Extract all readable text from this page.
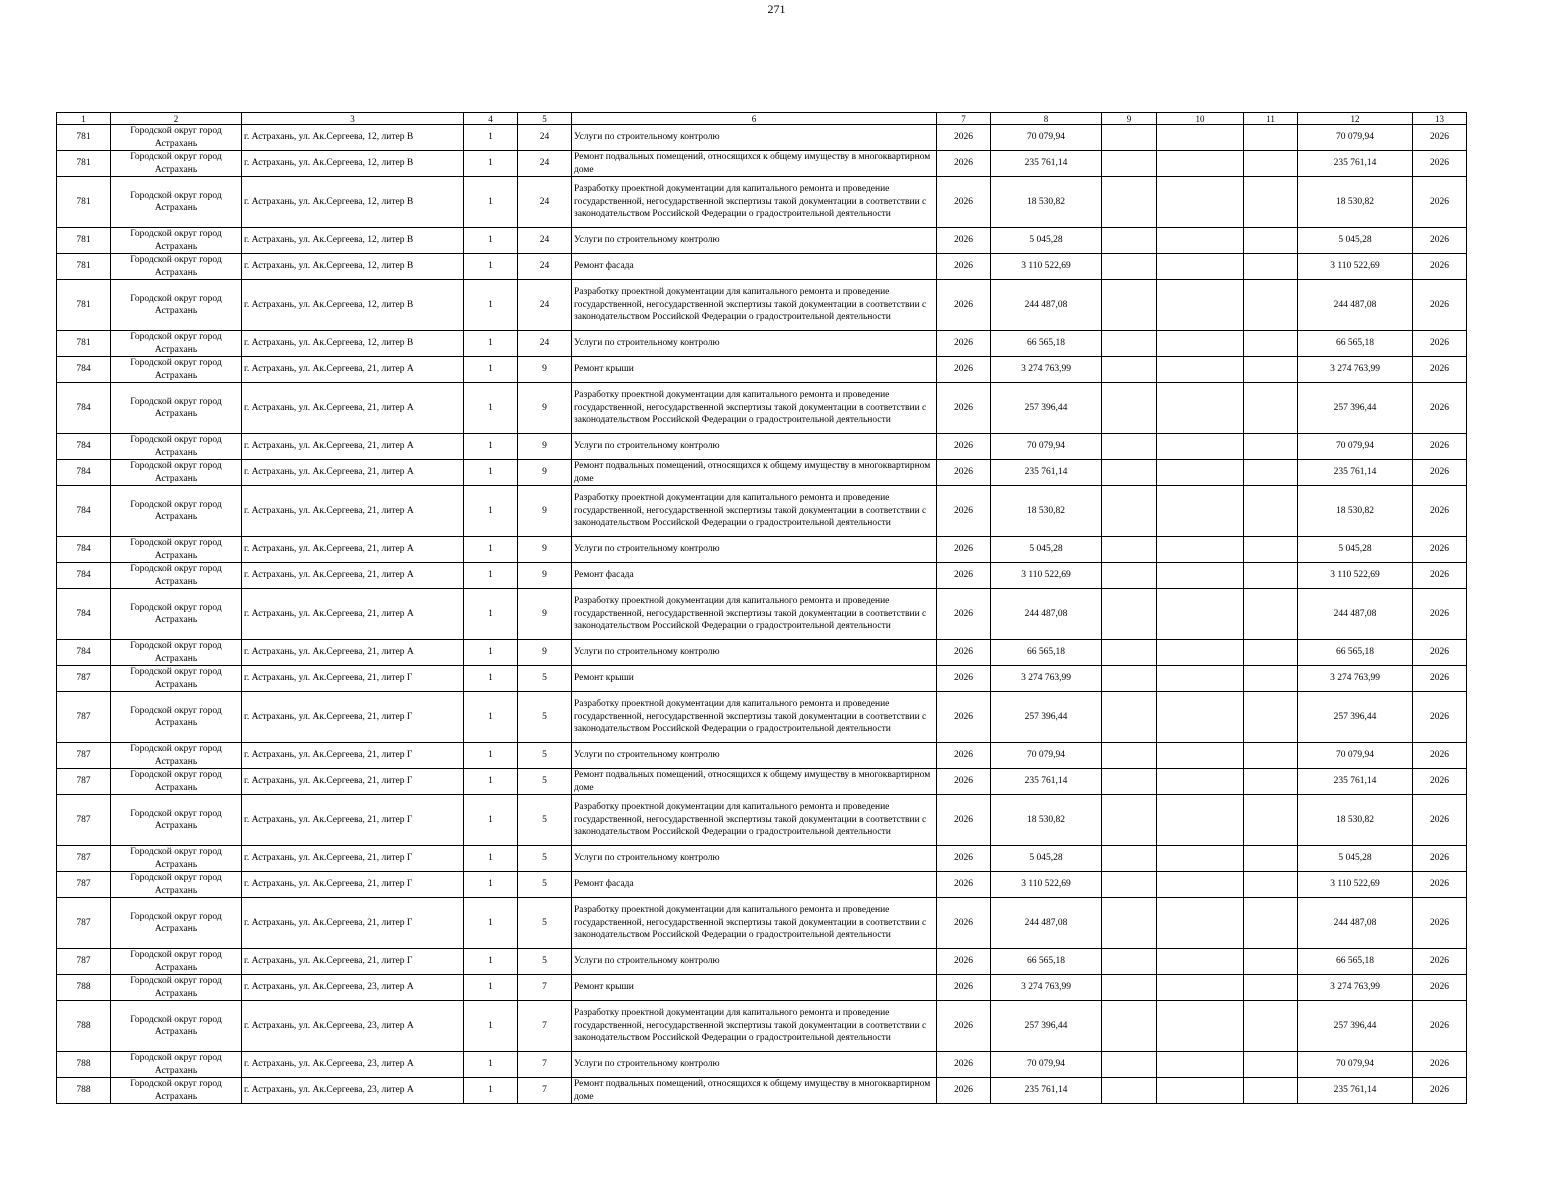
271
1	2	3	4	5	6	7	8	9	10	11	12	13
781	Городской округ город Астрахань	г. Астрахань, ул. Ак.Сергеева, 12, литер В	1	24	Услуги по строительному контролю	2026	70 079,94				70 079,94	2026
781	Городской округ город Астрахань	г. Астрахань, ул. Ак.Сергеева, 12, литер В	1	24	Ремонт подвальных помещений, относящихся к общему имуществу в многоквартирном доме	2026	235 761,14				235 761,14	2026
781	Городской округ город Астрахань	г. Астрахань, ул. Ак.Сергеева, 12, литер В	1	24	Разработку проектной документации для капитального ремонта и проведение государственной, негосударственной экспертизы такой документации в соответствии с законодательством Российской Федерации о градостроительной деятельности	2026	18 530,82				18 530,82	2026
781	Городской округ город Астрахань	г. Астрахань, ул. Ак.Сергеева, 12, литер В	1	24	Услуги по строительному контролю	2026	5 045,28				5 045,28	2026
781	Городской округ город Астрахань	г. Астрахань, ул. Ак.Сергеева, 12, литер В	1	24	Ремонт фасада	2026	3 110 522,69				3 110 522,69	2026
781	Городской округ город Астрахань	г. Астрахань, ул. Ак.Сергеева, 12, литер В	1	24	Разработку проектной документации для капитального ремонта и проведение государственной, негосударственной экспертизы такой документации в соответствии с законодательством Российской Федерации о градостроительной деятельности	2026	244 487,08				244 487,08	2026
781	Городской округ город Астрахань	г. Астрахань, ул. Ак.Сергеева, 12, литер В	1	24	Услуги по строительному контролю	2026	66 565,18				66 565,18	2026
784	Городской округ город Астрахань	г. Астрахань, ул. Ак.Сергеева, 21, литер А	1	9	Ремонт крыши	2026	3 274 763,99				3 274 763,99	2026
784	Городской округ город Астрахань	г. Астрахань, ул. Ак.Сергеева, 21, литер А	1	9	Разработку проектной документации для капитального ремонта и проведение государственной, негосударственной экспертизы такой документации в соответствии с законодательством Российской Федерации о градостроительной деятельности	2026	257 396,44				257 396,44	2026
784	Городской округ город Астрахань	г. Астрахань, ул. Ак.Сергеева, 21, литер А	1	9	Услуги по строительному контролю	2026	70 079,94				70 079,94	2026
784	Городской округ город Астрахань	г. Астрахань, ул. Ак.Сергеева, 21, литер А	1	9	Ремонт подвальных помещений, относящихся к общему имуществу в многоквартирном доме	2026	235 761,14				235 761,14	2026
784	Городской округ город Астрахань	г. Астрахань, ул. Ак.Сергеева, 21, литер А	1	9	Разработку проектной документации для капитального ремонта и проведение государственной, негосударственной экспертизы такой документации в соответствии с законодательством Российской Федерации о градостроительной деятельности	2026	18 530,82				18 530,82	2026
784	Городской округ город Астрахань	г. Астрахань, ул. Ак.Сергеева, 21, литер А	1	9	Услуги по строительному контролю	2026	5 045,28				5 045,28	2026
784	Городской округ город Астрахань	г. Астрахань, ул. Ак.Сергеева, 21, литер А	1	9	Ремонт фасада	2026	3 110 522,69				3 110 522,69	2026
784	Городской округ город Астрахань	г. Астрахань, ул. Ак.Сергеева, 21, литер А	1	9	Разработку проектной документации для капитального ремонта и проведение государственной, негосударственной экспертизы такой документации в соответствии с законодательством Российской Федерации о градостроительной деятельности	2026	244 487,08				244 487,08	2026
784	Городской округ город Астрахань	г. Астрахань, ул. Ак.Сергеева, 21, литер А	1	9	Услуги по строительному контролю	2026	66 565,18				66 565,18	2026
787	Городской округ город Астрахань	г. Астрахань, ул. Ак.Сергеева, 21, литер Г	1	5	Ремонт крыши	2026	3 274 763,99				3 274 763,99	2026
787	Городской округ город Астрахань	г. Астрахань, ул. Ак.Сергеева, 21, литер Г	1	5	Разработку проектной документации для капитального ремонта и проведение государственной, негосударственной экспертизы такой документации в соответствии с законодательством Российской Федерации о градостроительной деятельности	2026	257 396,44				257 396,44	2026
787	Городской округ город Астрахань	г. Астрахань, ул. Ак.Сергеева, 21, литер Г	1	5	Услуги по строительному контролю	2026	70 079,94				70 079,94	2026
787	Городской округ город Астрахань	г. Астрахань, ул. Ак.Сергеева, 21, литер Г	1	5	Ремонт подвальных помещений, относящихся к общему имуществу в многоквартирном доме	2026	235 761,14				235 761,14	2026
787	Городской округ город Астрахань	г. Астрахань, ул. Ак.Сергеева, 21, литер Г	1	5	Разработку проектной документации для капитального ремонта и проведение государственной, негосударственной экспертизы такой документации в соответствии с законодательством Российской Федерации о градостроительной деятельности	2026	18 530,82				18 530,82	2026
787	Городской округ город Астрахань	г. Астрахань, ул. Ак.Сергеева, 21, литер Г	1	5	Услуги по строительному контролю	2026	5 045,28				5 045,28	2026
787	Городской округ город Астрахань	г. Астрахань, ул. Ак.Сергеева, 21, литер Г	1	5	Ремонт фасада	2026	3 110 522,69				3 110 522,69	2026
787	Городской округ город Астрахань	г. Астрахань, ул. Ак.Сергеева, 21, литер Г	1	5	Разработку проектной документации для капитального ремонта и проведение государственной, негосударственной экспертизы такой документации в соответствии с законодательством Российской Федерации о градостроительной деятельности	2026	244 487,08				244 487,08	2026
787	Городской округ город Астрахань	г. Астрахань, ул. Ак.Сергеева, 21, литер Г	1	5	Услуги по строительному контролю	2026	66 565,18				66 565,18	2026
788	Городской округ город Астрахань	г. Астрахань, ул. Ак.Сергеева, 23, литер А	1	7	Ремонт крыши	2026	3 274 763,99				3 274 763,99	2026
788	Городской округ город Астрахань	г. Астрахань, ул. Ак.Сергеева, 23, литер А	1	7	Разработку проектной документации для капитального ремонта и проведение государственной, негосударственной экспертизы такой документации в соответствии с законодательством Российской Федерации о градостроительной деятельности	2026	257 396,44				257 396,44	2026
788	Городской округ город Астрахань	г. Астрахань, ул. Ак.Сергеева, 23, литер А	1	7	Услуги по строительному контролю	2026	70 079,94				70 079,94	2026
788	Городской округ город Астрахань	г. Астрахань, ул. Ак.Сергеева, 23, литер А	1	7	Ремонт подвальных помещений, относящихся к общему имуществу в многоквартирном доме	2026	235 761,14				235 761,14	2026
